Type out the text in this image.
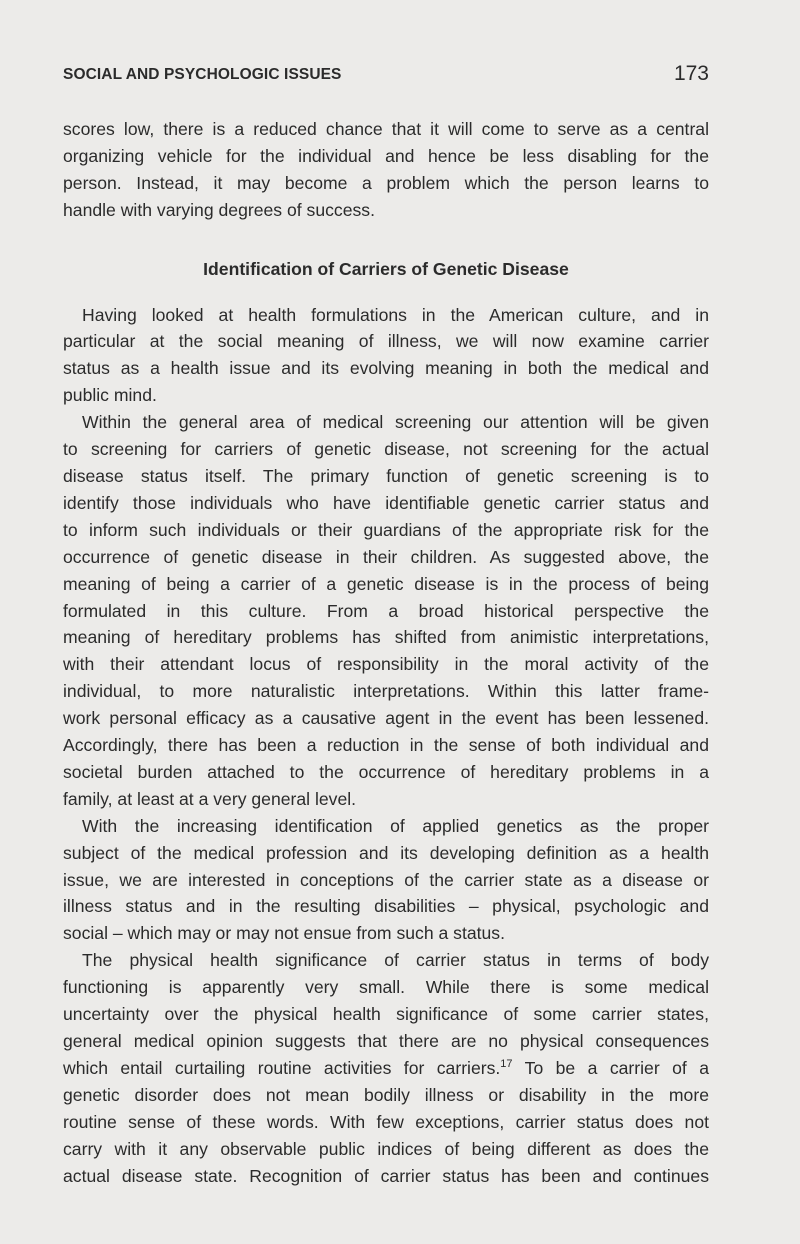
SOCIAL AND PSYCHOLOGIC ISSUES	173
scores low, there is a reduced chance that it will come to serve as a central
organizing vehicle for the individual and hence be less disabling for the
person. Instead, it may become a problem which the person learns to
handle with varying degrees of success.
Identification of Carriers of Genetic Disease
Having looked at health formulations in the American culture, and in
particular at the social meaning of illness, we will now examine carrier
status as a health issue and its evolving meaning in both the medical and
public mind.
Within the general area of medical screening our attention will be given
to screening for carriers of genetic disease, not screening for the actual
disease status itself. The primary function of genetic screening is to
identify those individuals who have identifiable genetic carrier status and
to inform such individuals or their guardians of the appropriate risk for the
occurrence of genetic disease in their children. As suggested above, the
meaning of being a carrier of a genetic disease is in the process of being
formulated in this culture. From a broad historical perspective the
meaning of hereditary problems has shifted from animistic interpretations,
with their attendant locus of responsibility in the moral activity of the
individual, to more naturalistic interpretations. Within this latter frame-
work personal efficacy as a causative agent in the event has been lessened.
Accordingly, there has been a reduction in the sense of both individual and
societal burden attached to the occurrence of hereditary problems in a
family, at least at a very general level.
With the increasing identification of applied genetics as the proper
subject of the medical profession and its developing definition as a health
issue, we are interested in conceptions of the carrier state as a disease or
illness status and in the resulting disabilities – physical, psychologic and
social – which may or may not ensue from such a status.
The physical health significance of carrier status in terms of body
functioning is apparently very small. While there is some medical
uncertainty over the physical health significance of some carrier states,
general medical opinion suggests that there are no physical consequences
which entail curtailing routine activities for carriers.$^{17}$ To be a carrier of a
genetic disorder does not mean bodily illness or disability in the more
routine sense of these words. With few exceptions, carrier status does not
carry with it any observable public indices of being different as does the
actual disease state. Recognition of carrier status has been and continues
